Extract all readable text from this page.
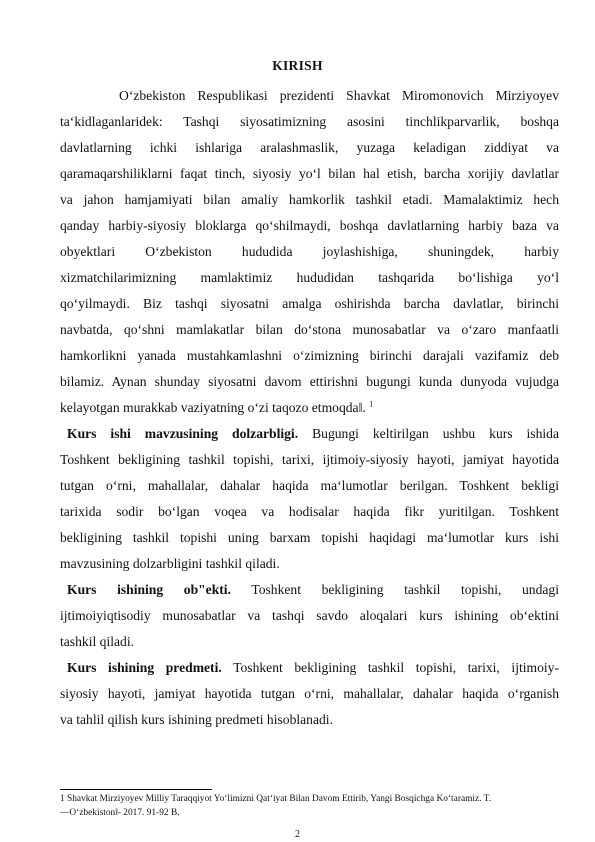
KIRISH
O‘zbekiston Respublikasi prezidenti Shavkat Miromonovich Mirziyoyev
ta‘kidlaganlaridek: Tashqi siyosatimizning asosini tinchlikparvarlik, boshqa
davlatlarning ichki ishlariga aralashmaslik, yuzaga keladigan ziddiyat va
qaramaqarshiliklarni faqat tinch, siyosiy yo‘l bilan hal etish, barcha xorijiy davlatlar
va jahon hamjamiyati bilan amaliy hamkorlik tashkil etadi. Mamalaktimiz hech
qanday harbiy-siyosiy bloklarga qo‘shilmaydi, boshqa davlatlarning harbiy baza va
obyektlari O‘zbekiston hududida joylashishiga, shuningdek, harbiy
xizmatchilarimizning mamlaktimiz hududidan tashqarida bo‘lishiga yo‘l
qo‘yilmaydi. Biz tashqi siyosatni amalga oshirishda barcha davlatlar, birinchi
navbatda, qo‘shni mamlakatlar bilan do‘stona munosabatlar va o‘zaro manfaatli
hamkorlikni yanada mustahkamlashni o‘zimizning birinchi darajali vazifamiz deb
bilamiz. Aynan shunday siyosatni davom ettirishni bugungi kunda dunyoda vujudga
kelayotgan murakkab vaziyatning o‘zi taqozo etmoqda‖. $^1$
Kurs ishi mavzusining dolzarbligi. Bugungi keltirilgan ushbu kurs ishida
Toshkent bekligining tashkil topishi, tarixi, ijtimoiy-siyosiy hayoti, jamiyat hayotida
tutgan o‘rni, mahallalar, dahalar haqida ma‘lumotlar berilgan. Toshkent bekligi
tarixida sodir bo‘lgan voqea va hodisalar haqida fikr yuritilgan. Toshkent
bekligining tashkil topishi uning barxam topishi haqidagi ma‘lumotlar kurs ishi
mavzusining dolzarbligini tashkil qiladi.
Kurs ishining ob"ekti. Toshkent bekligining tashkil topishi, undagi
ijtimoiyiqtisodiy munosabatlar va tashqi savdo aloqalari kurs ishining ob‘ektini
tashkil qiladi.
Kurs ishining predmeti. Toshkent bekligining tashkil topishi, tarixi, ijtimoiy-
siyosiy hayoti, jamiyat hayotida tutgan o‘rni, mahallalar, dahalar haqida o‘rganish
va tahlil qilish kurs ishining predmeti hisoblanadi.
1 Shavkat Mirziyoyev Milliy Taraqqiyot Yo‘limizni Qat‘iyat Bilan Davom Ettirib, Yangi Bosqichga Ko‘taramiz. T.
―O‘zbekiston‖- 2017. 91-92 B.
2
